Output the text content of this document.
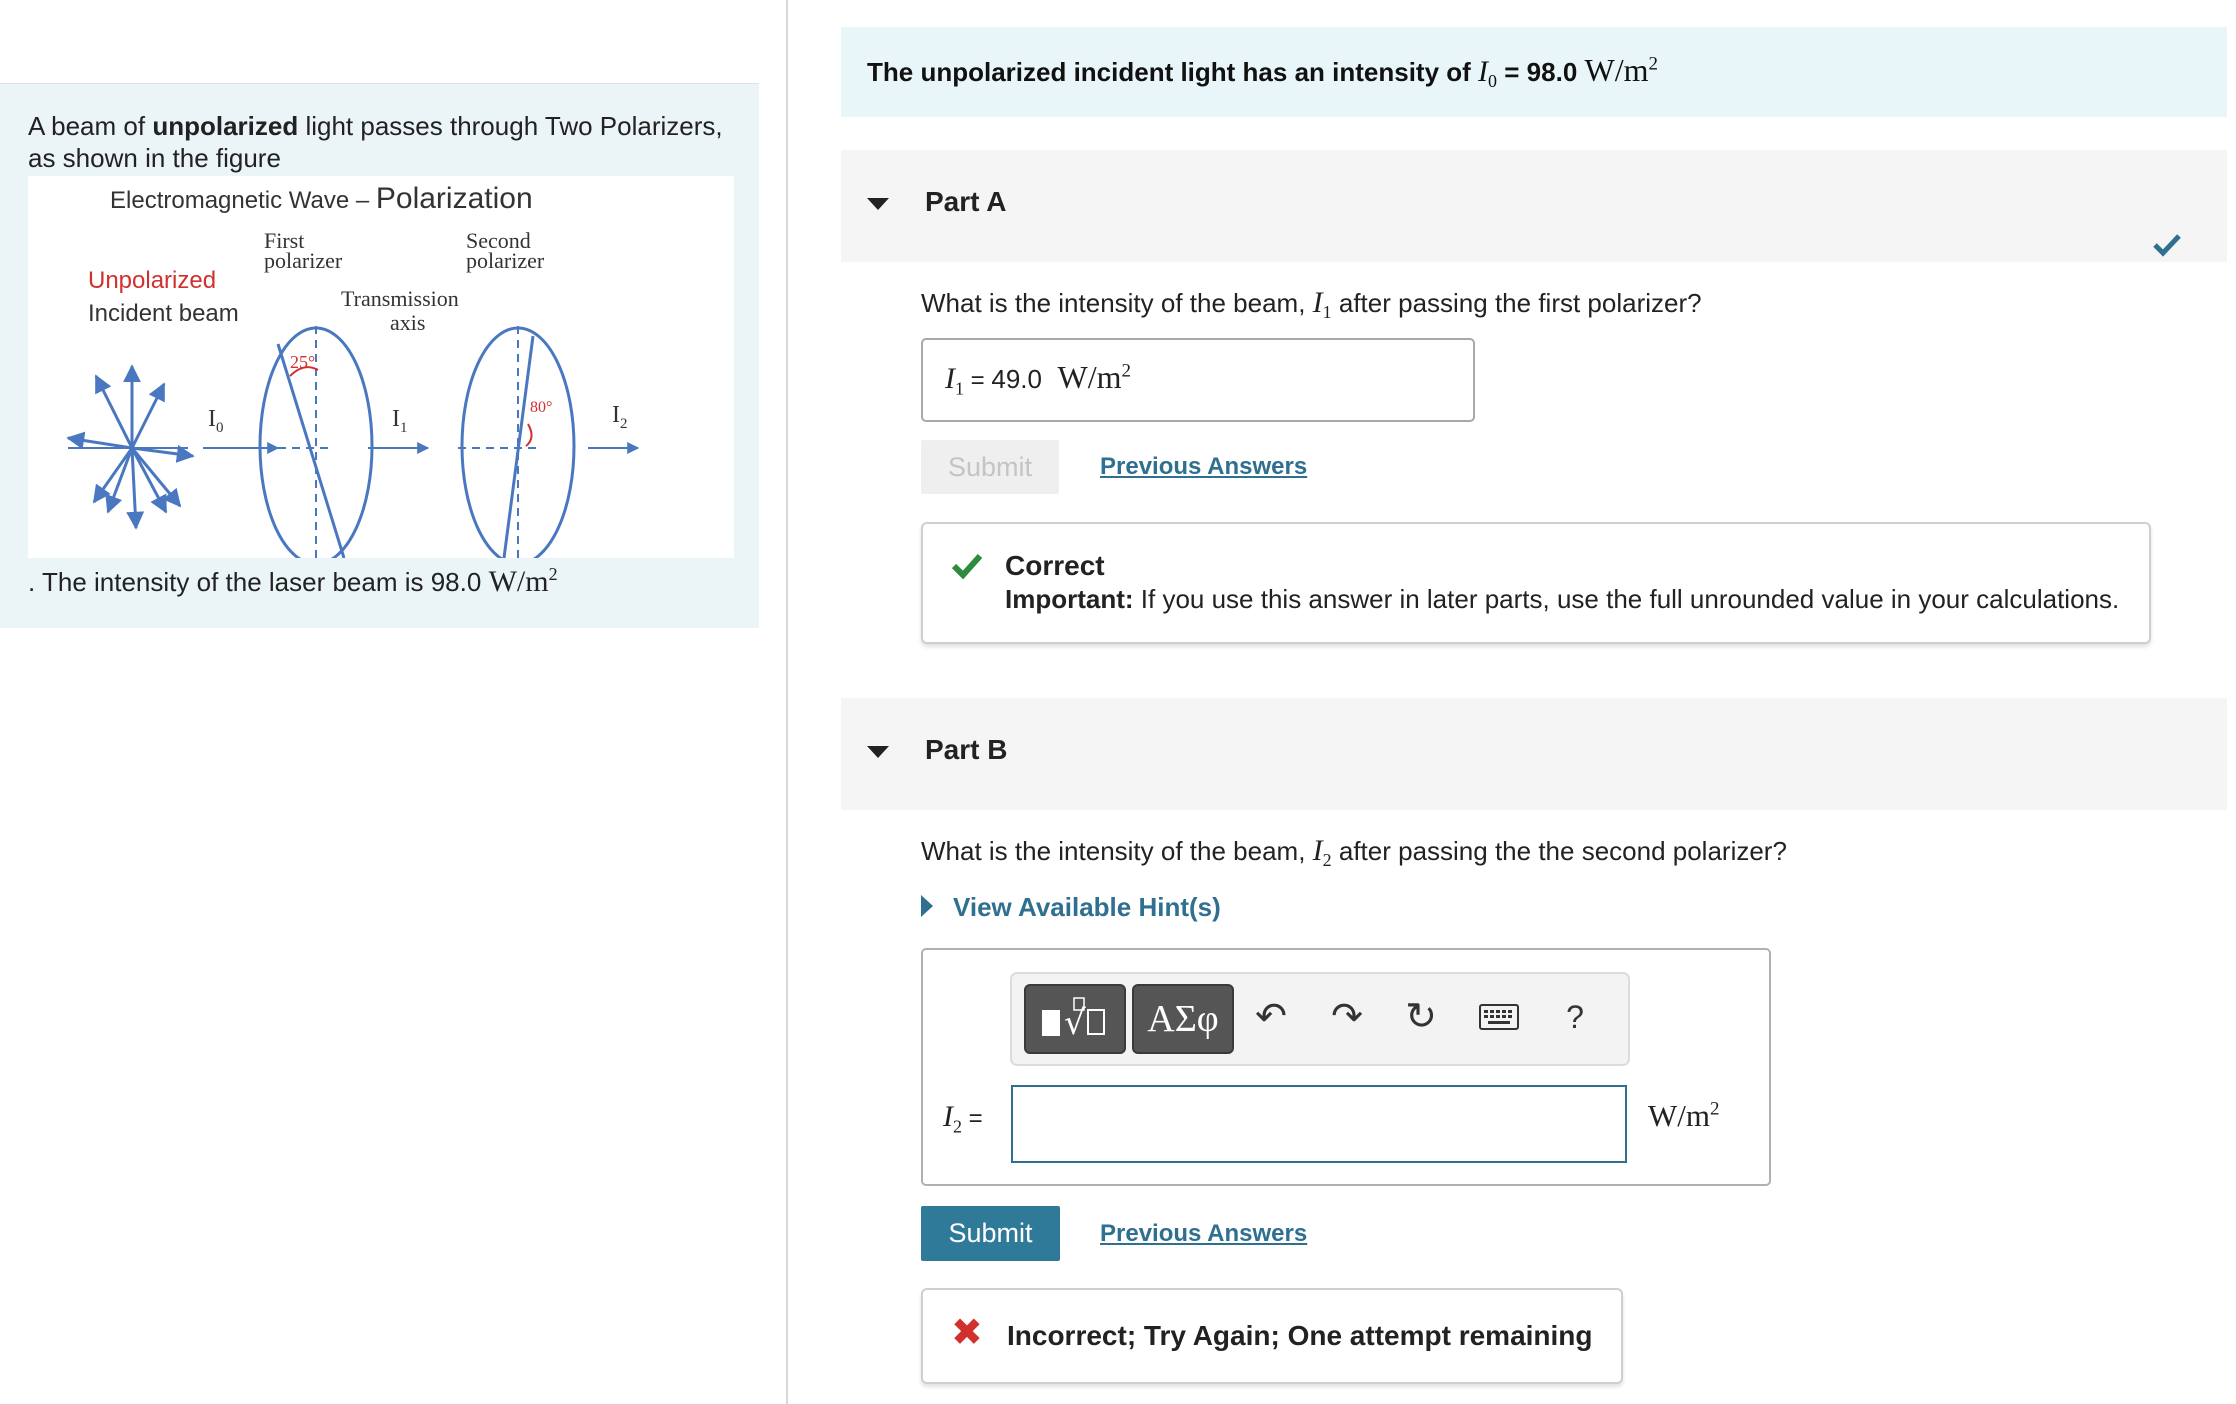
A beam of unpolarized light passes through Two Polarizers, as shown in the figure
Electromagnetic Wave – Polarization
First
polarizer
Second
polarizer
Unpolarized
Incident beam
Transmission
axis
25°
80°
$I_0$	$I_1$	$I_2$
. The intensity of the laser beam is 98.0 $W/m^2$
The unpolarized incident light has an intensity of $I_0 = 98.0$ $W/m^2$
Part A
What is the intensity of the beam, $I_1$ after passing the first polarizer?
$I_1 = 49.0$ $W/m^2$
Submit	Previous Answers
Correct
Important: If you use this answer in later parts, use the full unrounded value in your calculations.
Part B
What is the intensity of the beam, $I_2$ after passing the the second polarizer?
View Available Hint(s)
√	ΑΣφ ↶ ↷ ↻	?
$I_2$ =	$W/m^2$
Submit	Previous Answers
✖ Incorrect; Try Again; One attempt remaining
